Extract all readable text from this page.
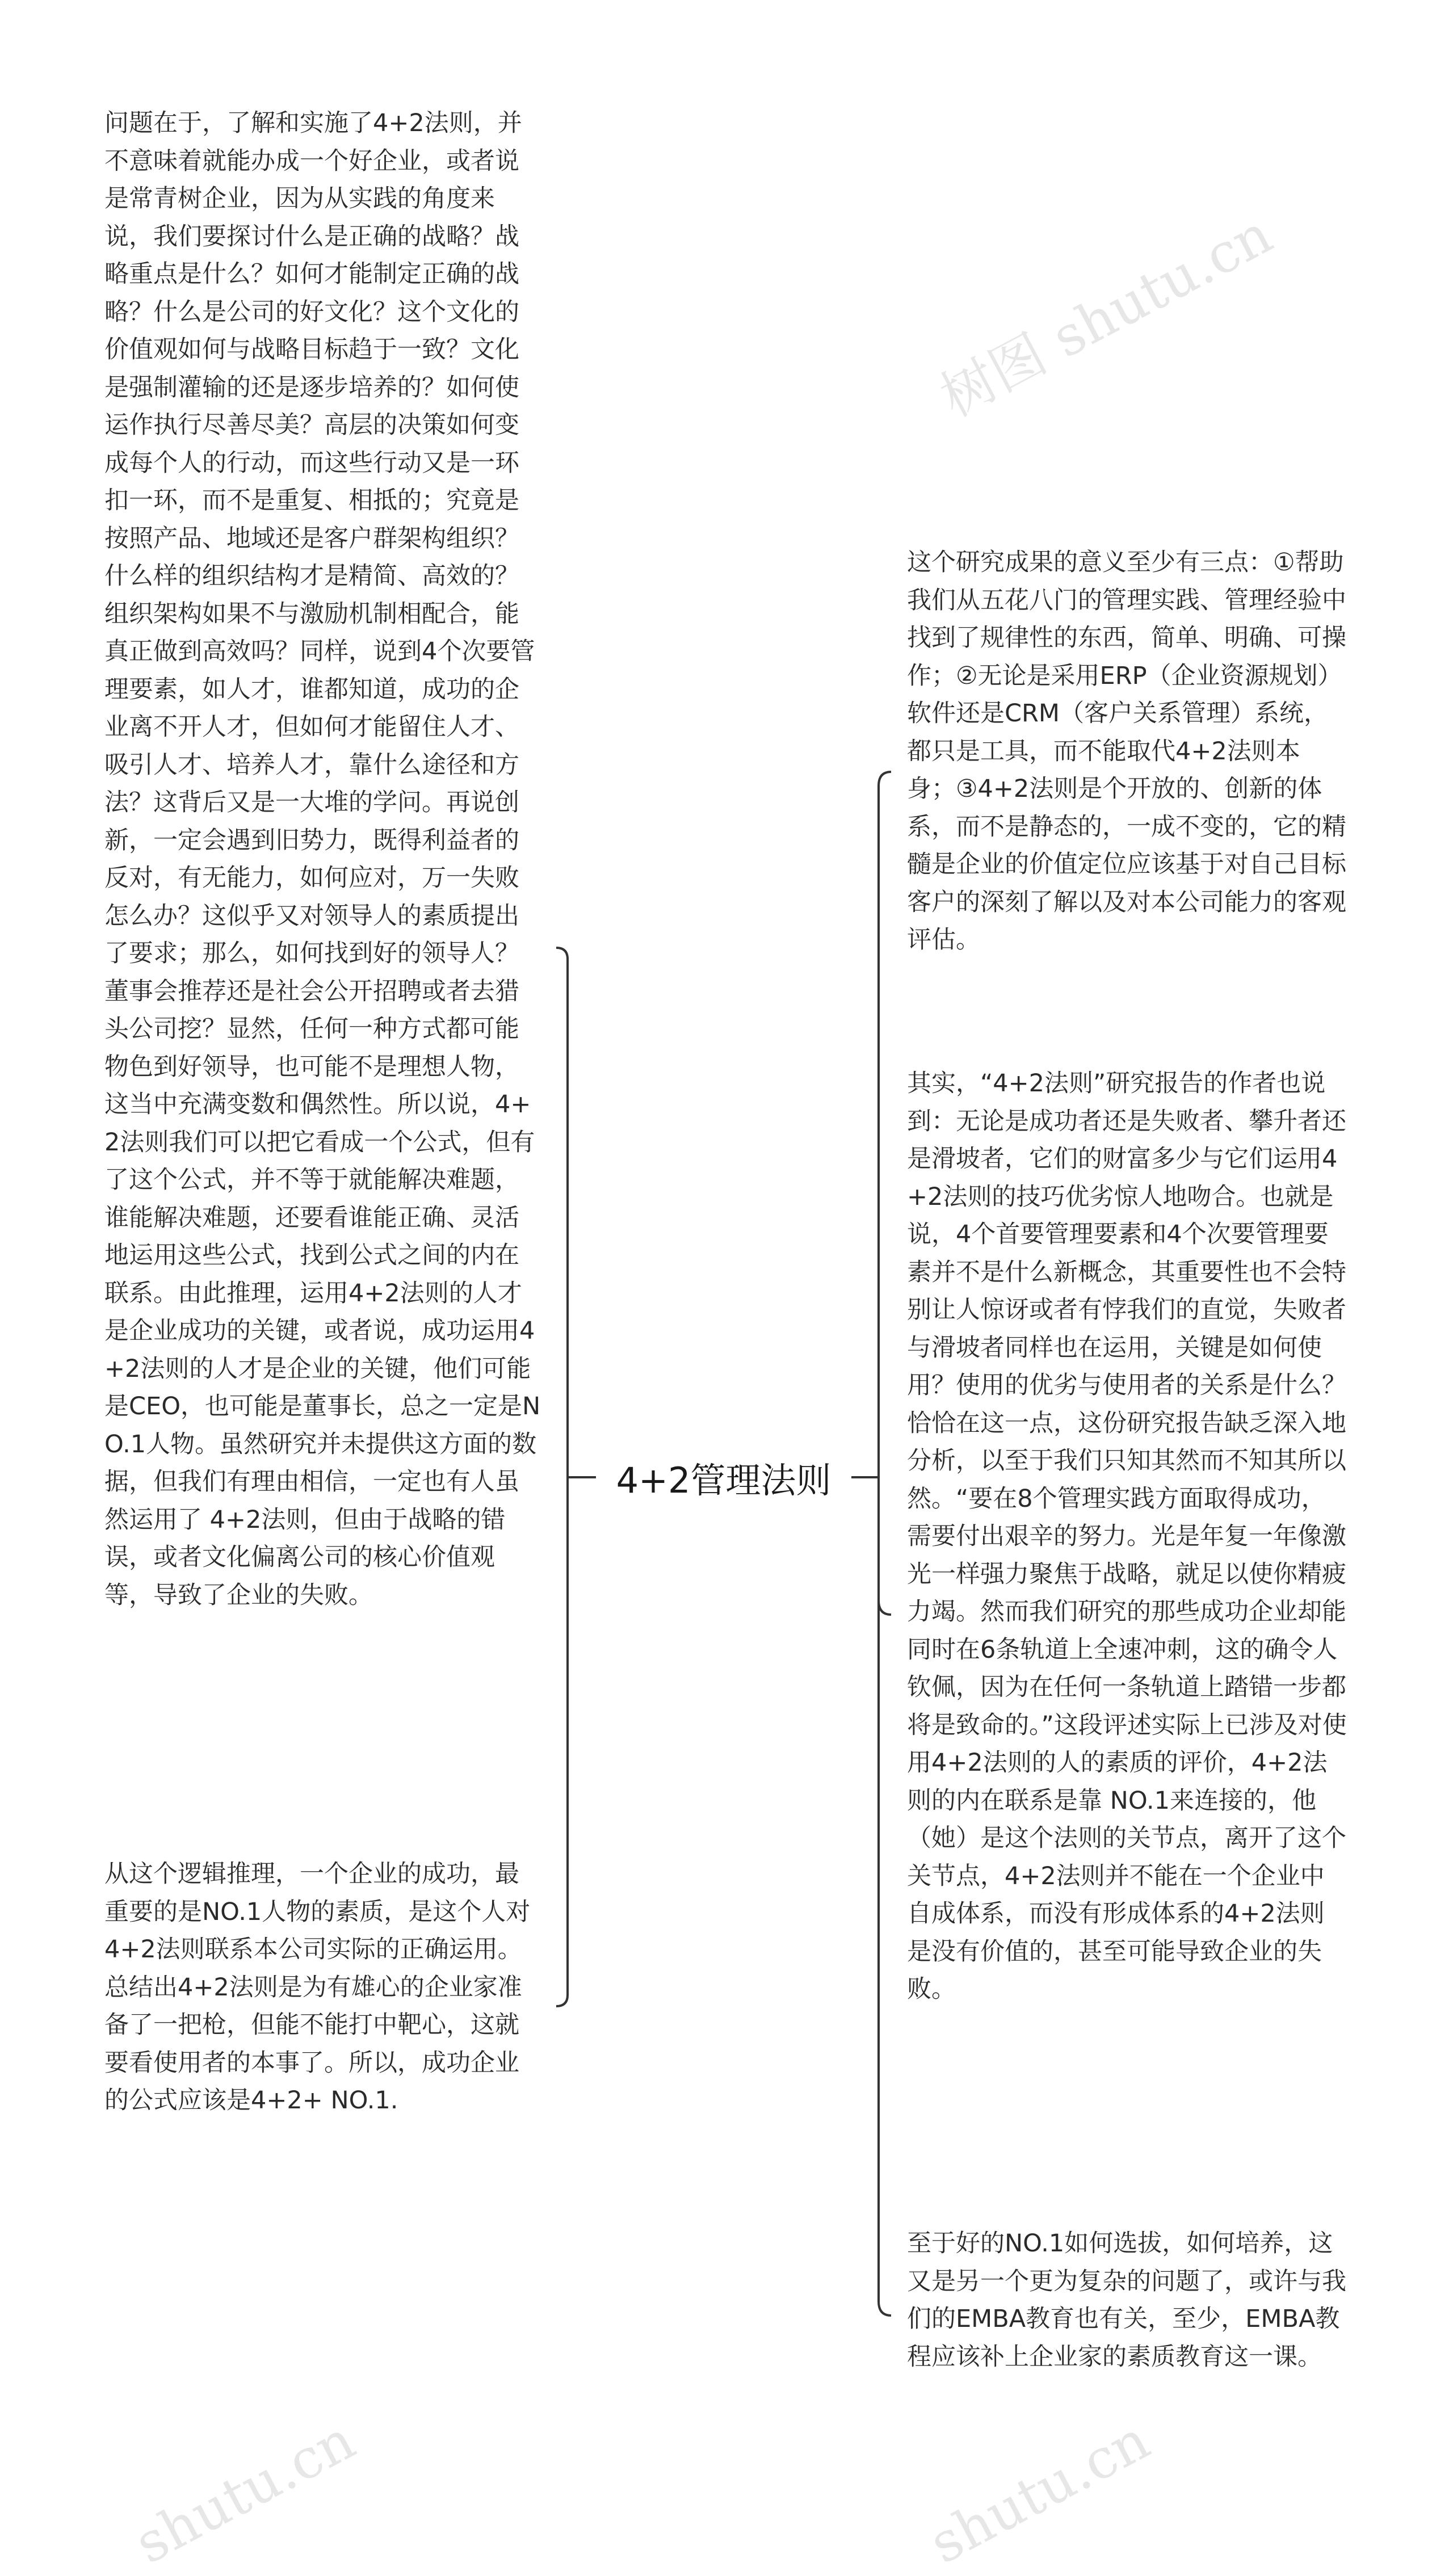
树图 shutu.cn
shutu.cn	shutu.cn
问题在于，了解和实施了4+2法则，并不意味着就能办成一个好企业，或者说是常青树企业，因为从实践的角度来说，我们要探讨什么是正确的战略？战略重点是什么？如何才能制定正确的战略？什么是公司的好文化？这个文化的价值观如何与战略目标趋于一致？文化是强制灌输的还是逐步培养的？如何使运作执行尽善尽美？高层的决策如何变成每个人的行动，而这些行动又是一环扣一环，而不是重复、相抵的；究竟是按照产品、地域还是客户群架构组织？什么样的组织结构才是精简、高效的？组织架构如果不与激励机制相配合，能真正做到高效吗？同样，说到4个次要管理要素，如人才，谁都知道，成功的企业离不开人才，但如何才能留住人才、吸引人才、培养人才，靠什么途径和方法？这背后又是一大堆的学问。再说创新，一定会遇到旧势力，既得利益者的反对，有无能力，如何应对，万一失败怎么办？这似乎又对领导人的素质提出了要求；那么，如何找到好的领导人？董事会推荐还是社会公开招聘或者去猎头公司挖？显然，任何一种方式都可能物色到好领导，也可能不是理想人物，这当中充满变数和偶然性。所以说，4+2法则我们可以把它看成一个公式，但有了这个公式，并不等于就能解决难题，谁能解决难题，还要看谁能正确、灵活地运用这些公式，找到公式之间的内在联系。由此推理，运用4+2法则的人才是企业成功的关键，或者说，成功运用4+2法则的人才是企业的关键，他们可能是CEO，也可能是董事长，总之一定是NO.1人物。虽然研究并未提供这方面的数据，但我们有理由相信，一定也有人虽然运用了 4+2法则，但由于战略的错误，或者文化偏离公司的核心价值观等，导致了企业的失败。
从这个逻辑推理，一个企业的成功，最重要的是NO.1人物的素质，是这个人对4+2法则联系本公司实际的正确运用。总结出4+2法则是为有雄心的企业家准备了一把枪，但能不能打中靶心，这就要看使用者的本事了。所以，成功企业的公式应该是4+2+ NO.1.
4+2管理法则
这个研究成果的意义至少有三点：①帮助我们从五花八门的管理实践、管理经验中找到了规律性的东西，简单、明确、可操作；②无论是采用ERP（企业资源规划）软件还是CRM（客户关系管理）系统，都只是工具，而不能取代4+2法则本身；③4+2法则是个开放的、创新的体系，而不是静态的，一成不变的，它的精髓是企业的价值定位应该基于对自己目标客户的深刻了解以及对本公司能力的客观评估。
其实，“4+2法则”研究报告的作者也说到：无论是成功者还是失败者、攀升者还是滑坡者，它们的财富多少与它们运用4+2法则的技巧优劣惊人地吻合。也就是说，4个首要管理要素和4个次要管理要素并不是什么新概念，其重要性也不会特别让人惊讶或者有悖我们的直觉，失败者与滑坡者同样也在运用，关键是如何使用？使用的优劣与使用者的关系是什么？恰恰在这一点，这份研究报告缺乏深入地分析，以至于我们只知其然而不知其所以然。“要在8个管理实践方面取得成功，需要付出艰辛的努力。光是年复一年像激光一样强力聚焦于战略，就足以使你精疲力竭。然而我们研究的那些成功企业却能同时在6条轨道上全速冲刺，这的确令人钦佩，因为在任何一条轨道上踏错一步都将是致命的。”这段评述实际上已涉及对使用4+2法则的人的素质的评价，4+2法则的内在联系是靠 NO.1来连接的，他（她）是这个法则的关节点，离开了这个关节点，4+2法则并不能在一个企业中自成体系，而没有形成体系的4+2法则是没有价值的，甚至可能导致企业的失败。
至于好的NO.1如何选拔，如何培养，这又是另一个更为复杂的问题了，或许与我们的EMBA教育也有关，至少，EMBA教程应该补上企业家的素质教育这一课。
